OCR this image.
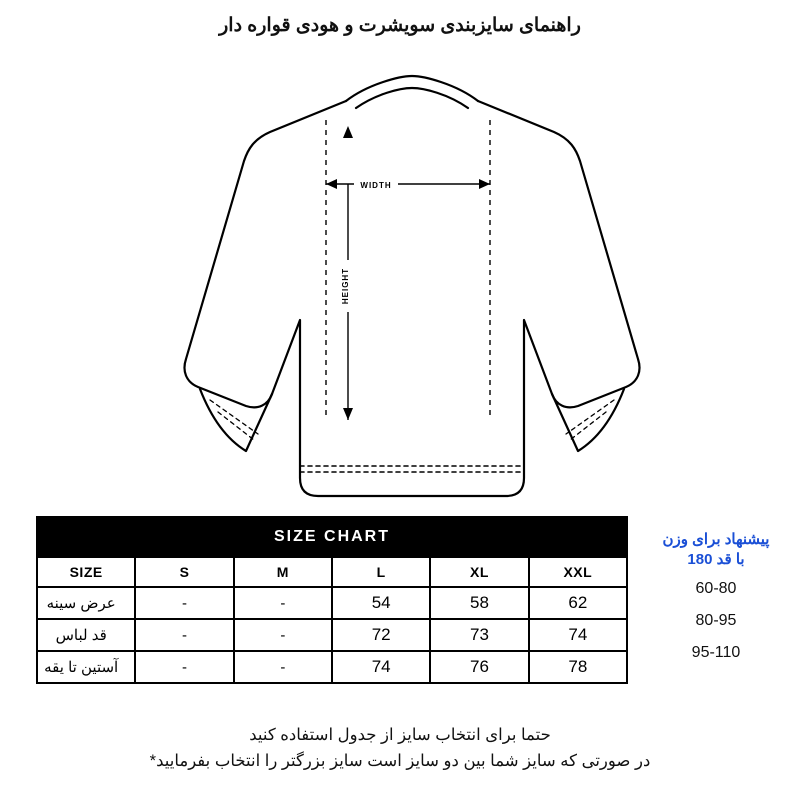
راهنمای سایزبندی سویشرت و هودی قواره دار
WIDTH
HEIGHT
SIZE CHART					
SIZE	S	M	L	XL	XXL
عرض سینه	-	-	54	58	62
قد لباس	-	-	72	73	74
آستین تا یقه	-	-	74	76	78
پیشنهاد برای وزن
با قد 180
60-80
80-95
95-110
حتما برای انتخاب سایز از جدول استفاده کنید
در صورتی که سایز شما بین دو سایز است سایز بزرگتر را انتخاب بفرمایید*
